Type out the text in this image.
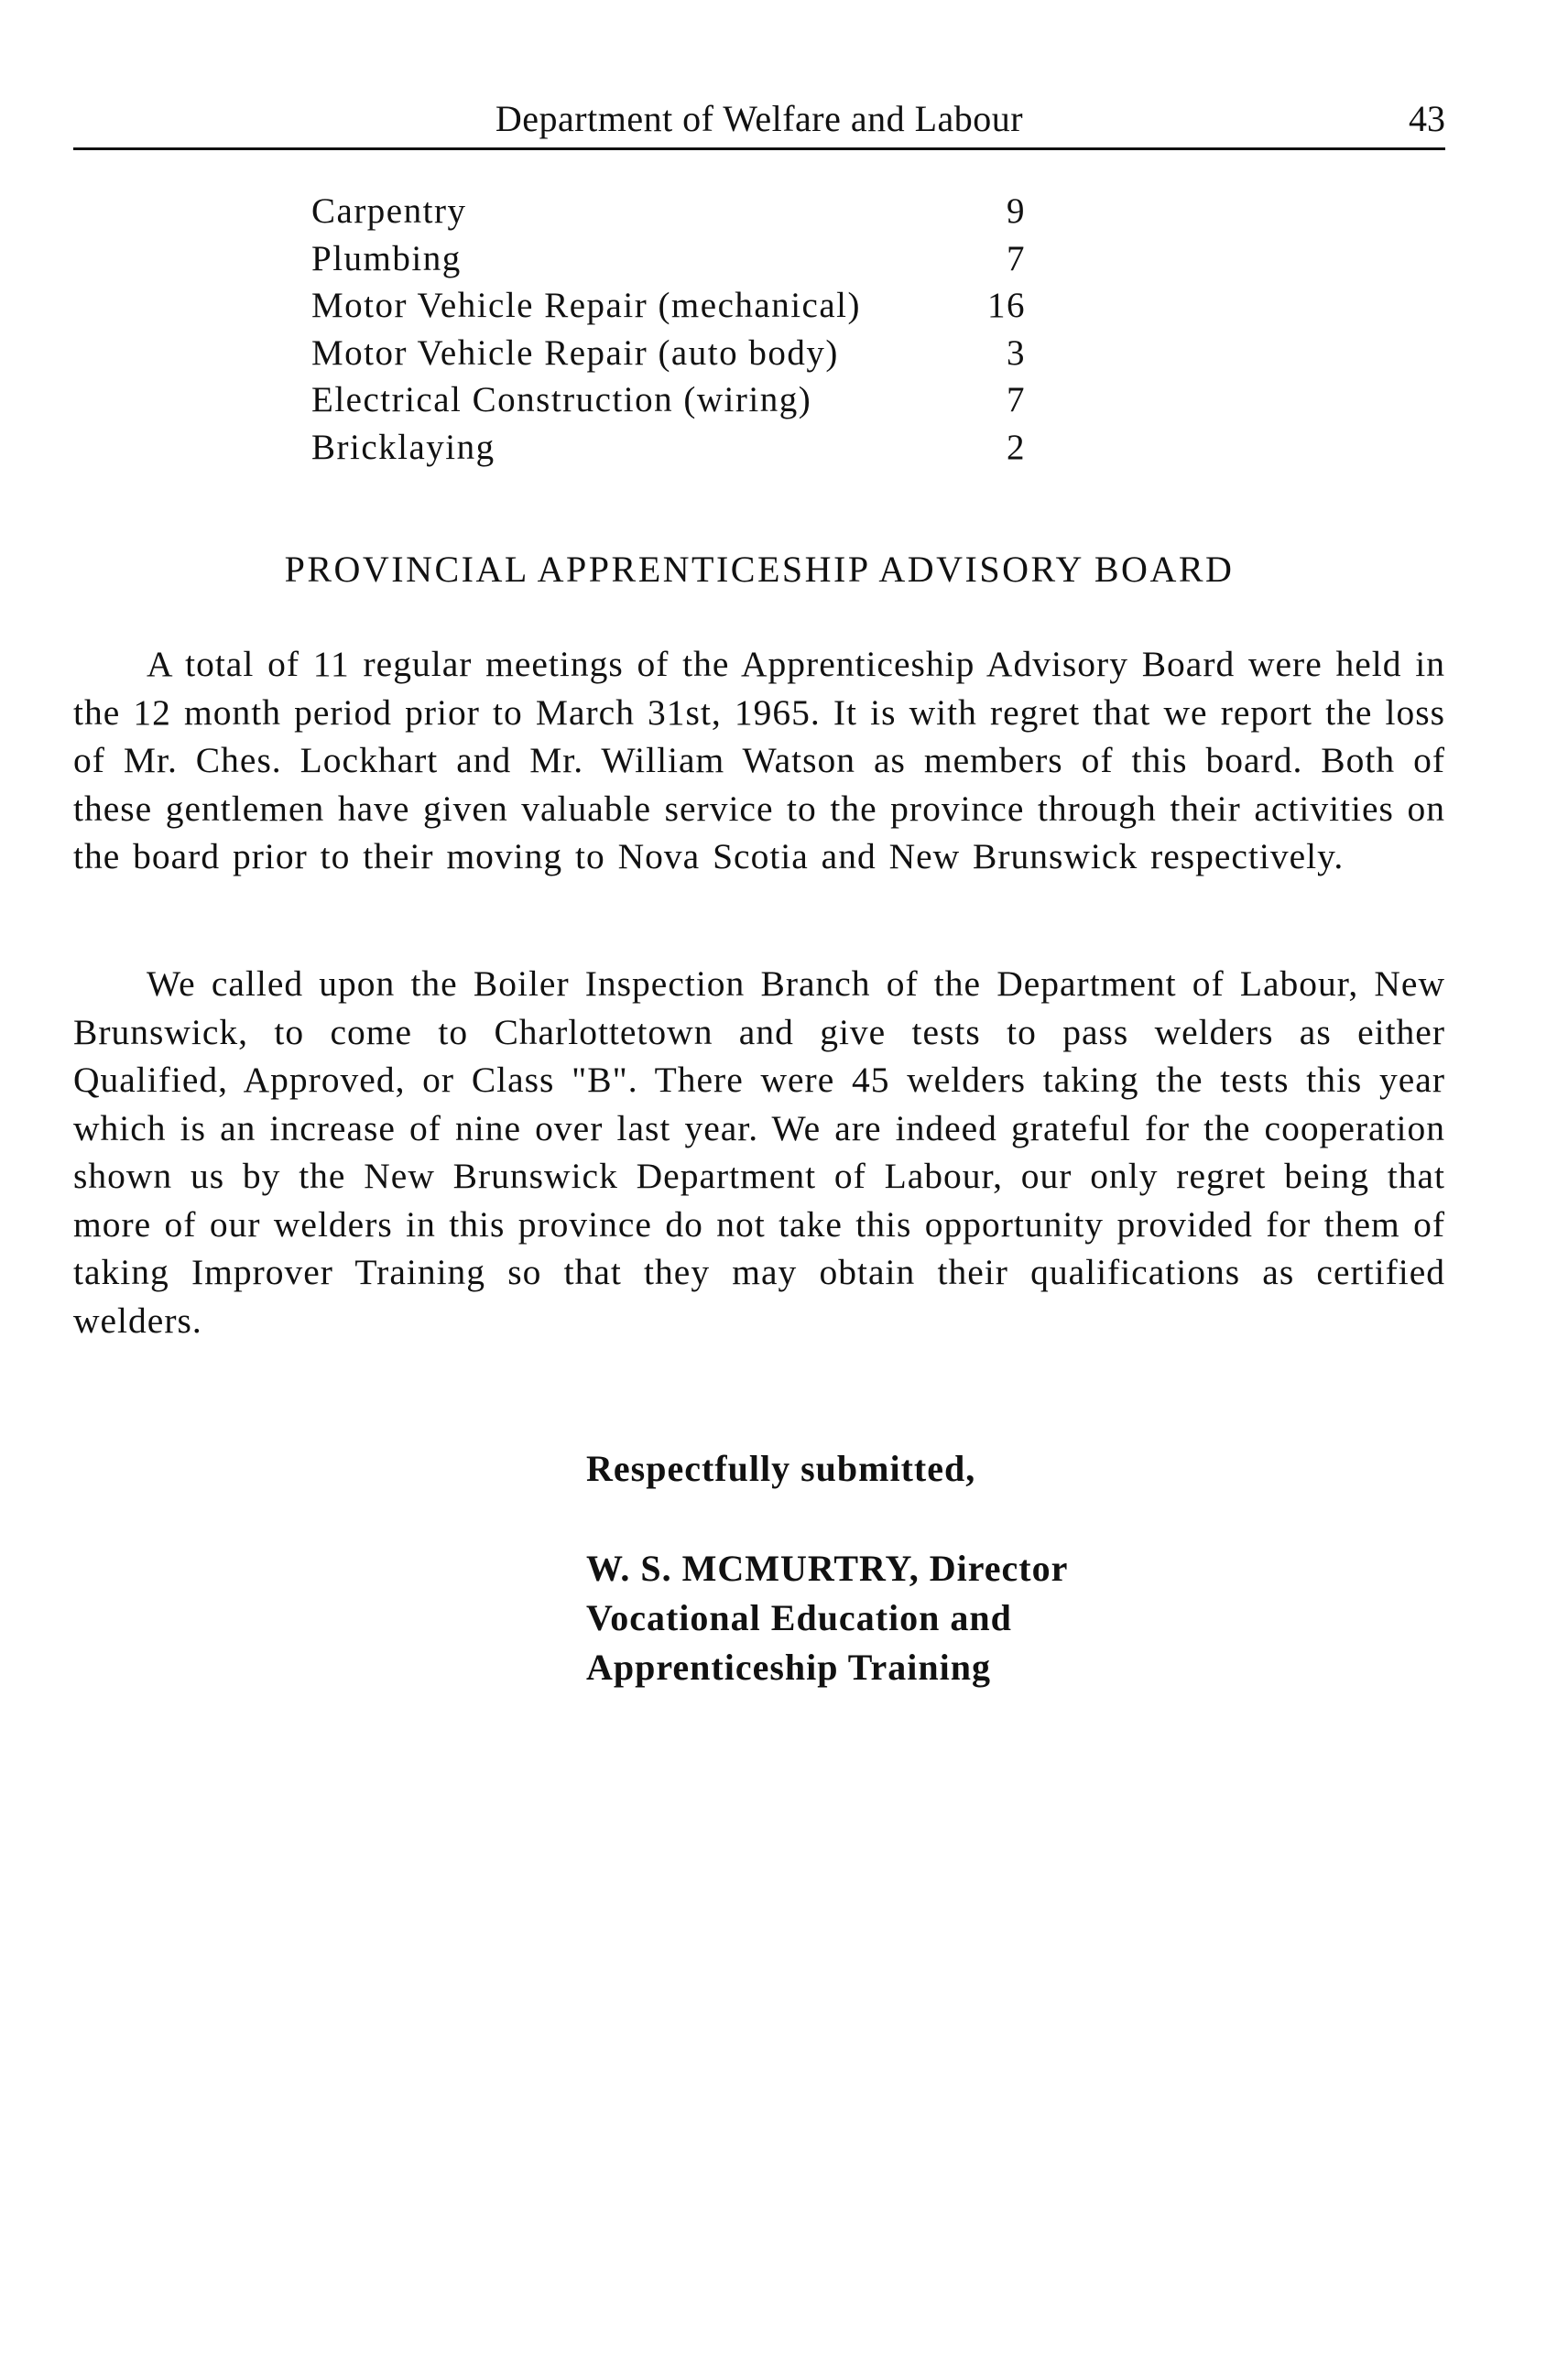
Department of Welfare and Labour	43
Carpentry	9
Plumbing	7
Motor Vehicle Repair (mechanical)	16
Motor Vehicle Repair (auto body)	3
Electrical Construction (wiring)	7
Bricklaying	2
PROVINCIAL APPRENTICESHIP ADVISORY BOARD

A total of 11 regular meetings of the Apprenticeship Advisory Board were held in the 12 month period prior to March 31st, 1965. It is with regret that we report the loss of Mr. Ches. Lockhart and Mr. William Watson as members of this board. Both of these gentlemen have given valuable service to the province through their activities on the board prior to their moving to Nova Scotia and New Brunswick respectively.

We called upon the Boiler Inspection Branch of the Department of Labour, New Brunswick, to come to Charlottetown and give tests to pass welders as either Qualified, Approved, or Class "B". There were 45 welders taking the tests this year which is an increase of nine over last year. We are indeed grateful for the cooperation shown us by the New Brunswick Department of Labour, our only regret being that more of our welders in this province do not take this opportunity provided for them of taking Improver Training so that they may obtain their qualifications as certified welders.

Respectfully submitted,
W. S. MCMURTRY, Director
Vocational Education and
Apprenticeship Training
